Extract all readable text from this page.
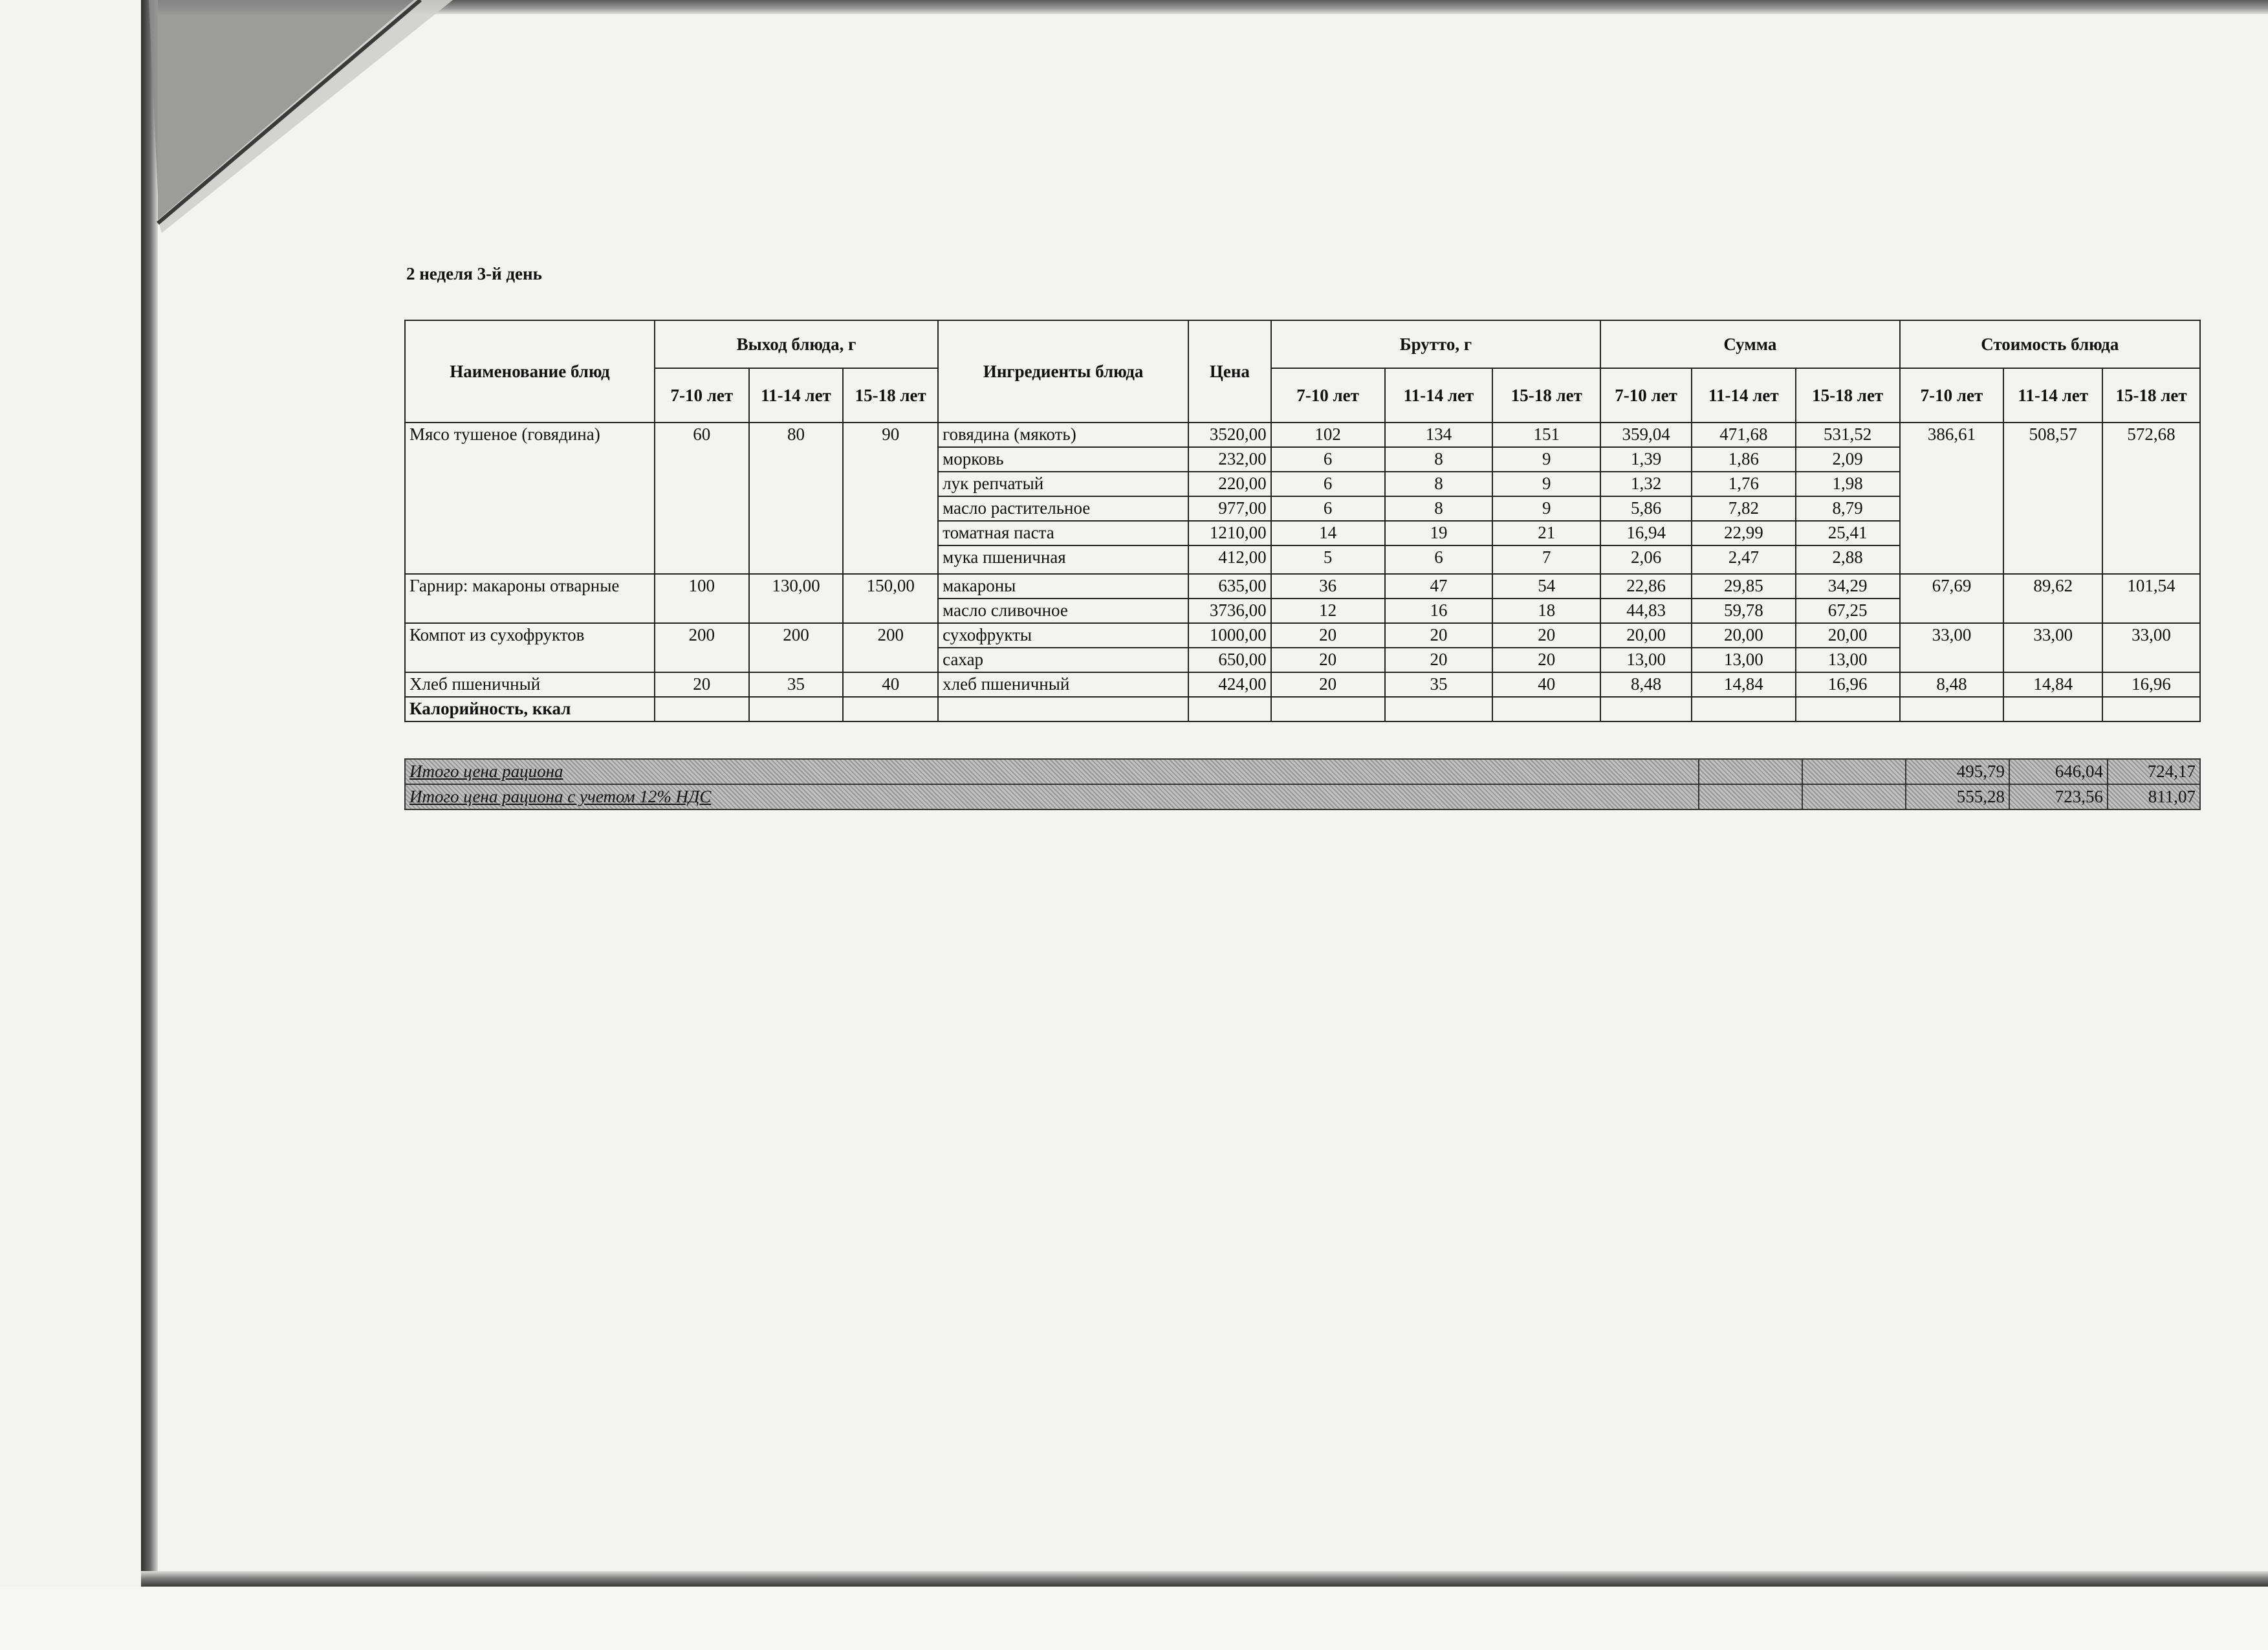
2 неделя 3-й день
Наименование блюд	Выход блюда, г			Ингредиенты блюда	Цена	Брутто, г			Сумма			Стоимость блюда		
	7-10 лет	11-14 лет	15-18 лет			7-10 лет	11-14 лет	15-18 лет	7-10 лет	11-14 лет	15-18 лет	7-10 лет	11-14 лет	15-18 лет
Мясо тушеное (говядина)	60	80	90	говядина (мякоть)	3520,00	102	134	151	359,04	471,68	531,52	386,61	508,57	572,68
				морковь	232,00	6	8	9	1,39	1,86	2,09			
				лук репчатый	220,00	6	8	9	1,32	1,76	1,98			
				масло растительное	977,00	6	8	9	5,86	7,82	8,79			
				томатная паста	1210,00	14	19	21	16,94	22,99	25,41			
				мука пшеничная	412,00	5	6	7	2,06	2,47	2,88			
Гарнир: макароны отварные	100	130,00	150,00	макароны	635,00	36	47	54	22,86	29,85	34,29	67,69	89,62	101,54
				масло сливочное	3736,00	12	16	18	44,83	59,78	67,25			
Компот из сухофруктов	200	200	200	сухофрукты	1000,00	20	20	20	20,00	20,00	20,00	33,00	33,00	33,00
				сахар	650,00	20	20	20	13,00	13,00	13,00			
Хлеб пшеничный	20	35	40	хлеб пшеничный	424,00	20	35	40	8,48	14,84	16,96	8,48	14,84	16,96
Калорийность, ккал														
Итого цена рациона			495,79	646,04	724,17
Итого цена рациона с учетом 12% НДС			555,28	723,56	811,07
